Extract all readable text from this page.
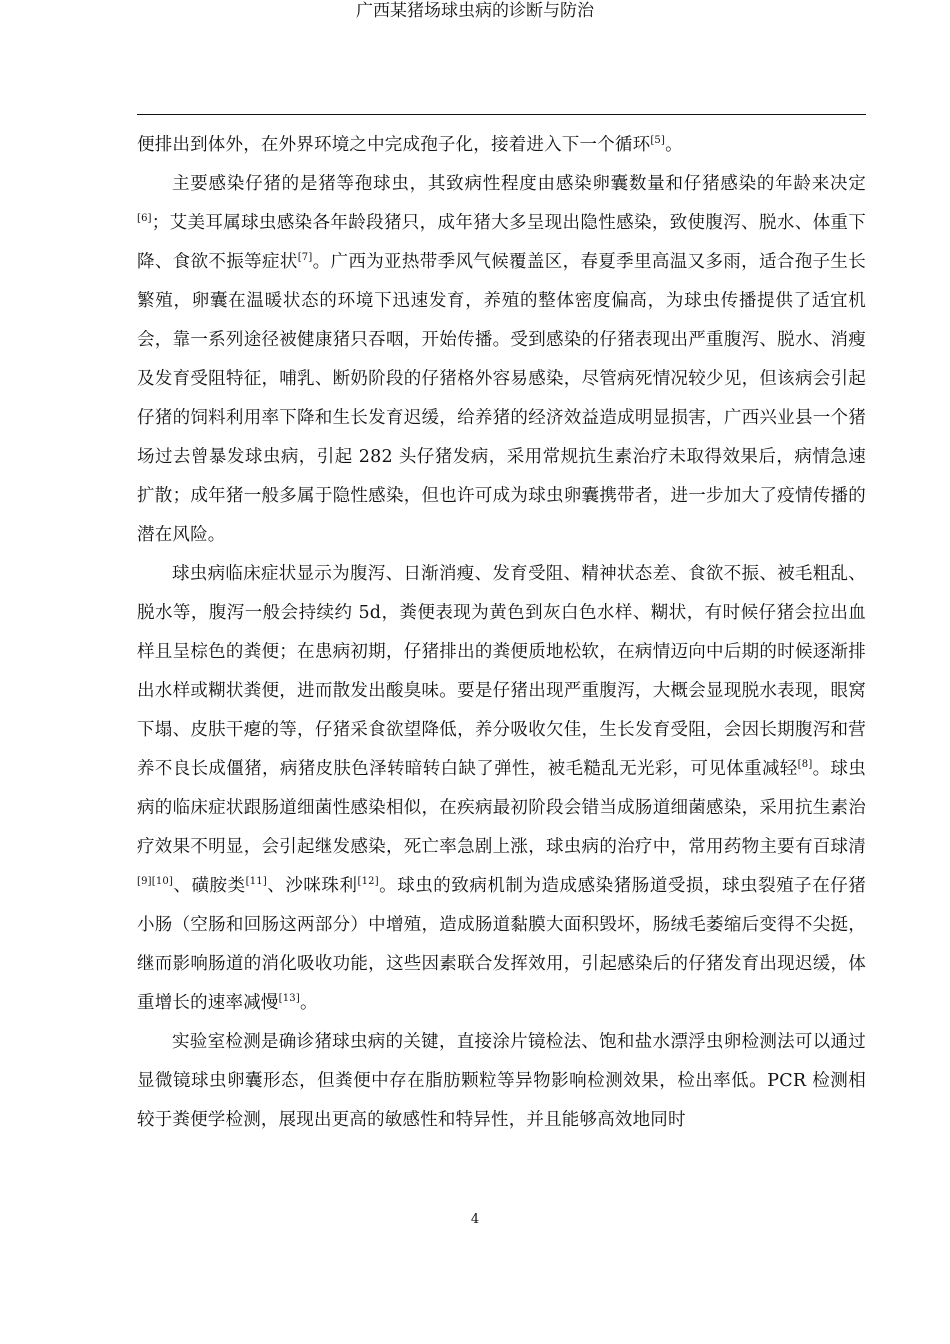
广西某猪场球虫病的诊断与防治

便排出到体外，在外界环境之中完成孢子化，接着进入下一个循环[5]。

主要感染仔猪的是猪等孢球虫，其致病性程度由感染卵囊数量和仔猪感染的年龄来决定[6]；艾美耳属球虫感染各年龄段猪只，成年猪大多呈现出隐性感染，致使腹泻、脱水、体重下降、食欲不振等症状[7]。广西为亚热带季风气候覆盖区，春夏季里高温又多雨，适合孢子生长繁殖，卵囊在温暖状态的环境下迅速发育，养殖的整体密度偏高，为球虫传播提供了适宜机会，靠一系列途径被健康猪只吞咽，开始传播。受到感染的仔猪表现出严重腹泻、脱水、消瘦及发育受阻特征，哺乳、断奶阶段的仔猪格外容易感染，尽管病死情况较少见，但该病会引起仔猪的饲料利用率下降和生长发育迟缓，给养猪的经济效益造成明显损害，广西兴业县一个猪场过去曾暴发球虫病，引起 282 头仔猪发病，采用常规抗生素治疗未取得效果后，病情急速扩散；成年猪一般多属于隐性感染，但也许可成为球虫卵囊携带者，进一步加大了疫情传播的潜在风险。

球虫病临床症状显示为腹泻、日渐消瘦、发育受阻、精神状态差、食欲不振、被毛粗乱、脱水等，腹泻一般会持续约 5d，粪便表现为黄色到灰白色水样、糊状，有时候仔猪会拉出血样且呈棕色的粪便；在患病初期，仔猪排出的粪便质地松软，在病情迈向中后期的时候逐渐排出水样或糊状粪便，进而散发出酸臭味。要是仔猪出现严重腹泻，大概会显现脱水表现，眼窝下塌、皮肤干瘪的等，仔猪采食欲望降低，养分吸收欠佳，生长发育受阻，会因长期腹泻和营养不良长成僵猪，病猪皮肤色泽转暗转白缺了弹性，被毛糙乱无光彩，可见体重减轻[8]。球虫病的临床症状跟肠道细菌性感染相似，在疾病最初阶段会错当成肠道细菌感染，采用抗生素治疗效果不明显，会引起继发感染，死亡率急剧上涨，球虫病的治疗中，常用药物主要有百球清[9][10]、磺胺类[11]、沙咪珠利[12]。球虫的致病机制为造成感染猪肠道受损，球虫裂殖子在仔猪小肠（空肠和回肠这两部分）中增殖，造成肠道黏膜大面积毁坏，肠绒毛萎缩后变得不尖挺，继而影响肠道的消化吸收功能，这些因素联合发挥效用，引起感染后的仔猪发育出现迟缓，体重增长的速率减慢[13]。

实验室检测是确诊猪球虫病的关键，直接涂片镜检法、饱和盐水漂浮虫卵检测法可以通过显微镜球虫卵囊形态，但粪便中存在脂肪颗粒等异物影响检测效果，检出率低。PCR 检测相较于粪便学检测，展现出更高的敏感性和特异性，并且能够高效地同时

4
